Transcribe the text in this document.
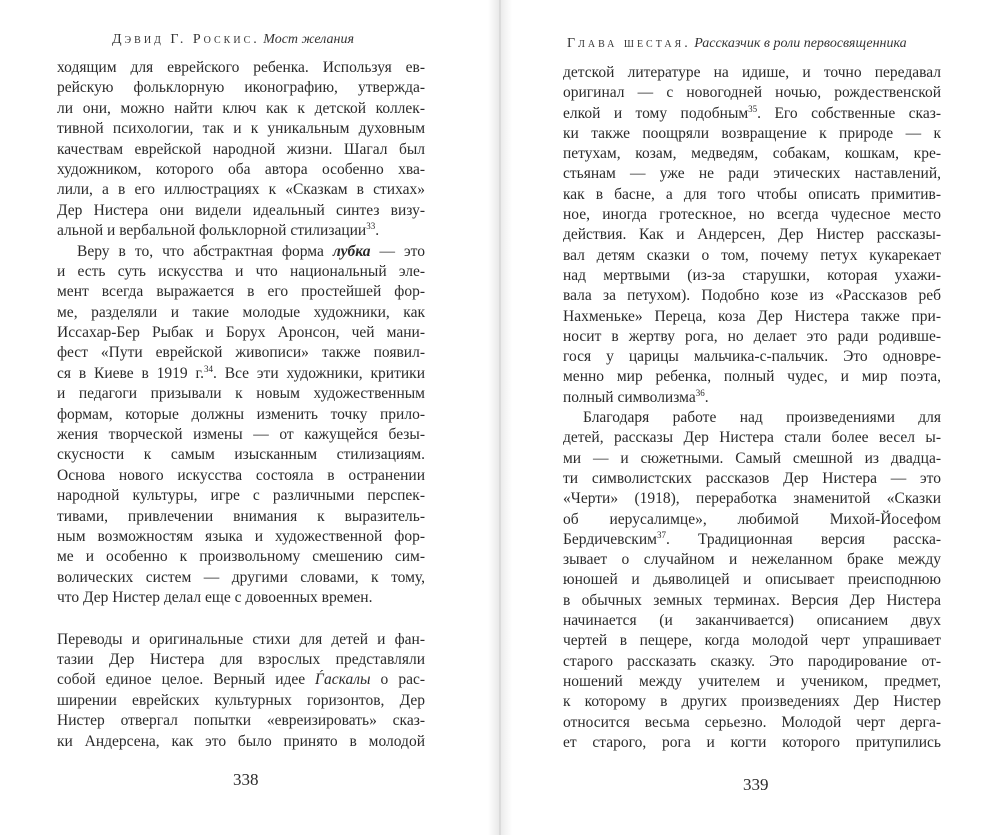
Дэвид Г. Роскис. Мост желания
ходящим для еврейского ребенка. Используя ев-
рейскую фольклорную иконографию, утвержда-
ли они, можно найти ключ как к детской коллек-
тивной психологии, так и к уникальным духовным
качествам еврейской народной жизни. Шагал был
художником, которого оба автора особенно хва-
лили, а в его иллюстрациях к «Сказкам в стихах»
Дер Нистера они видели идеальный синтез визу-
альной и вербальной фольклорной стилизации$^{33}$.
Веру в то, что абстрактная форма лубка — это
и есть суть искусства и что национальный эле-
мент всегда выражается в его простейшей фор-
ме, разделяли и такие молодые художники, как
Иссахар-Бер Рыбак и Борух Аронсон, чей мани-
фест «Пути еврейской живописи» также появил-
ся в Киеве в 1919 г.$^{34}$. Все эти художники, критики
и педагоги призывали к новым художественным
формам, которые должны изменить точку прило-
жения творческой измены — от кажущейся безы-
скусности к самым изысканным стилизациям.
Основа нового искусства состояла в остранении
народной культуры, игре с различными перспек-
тивами, привлечении внимания к выразитель-
ным возможностям языка и художественной фор-
ме и особенно к произвольному смешению сим-
волических систем — другими словами, к тому,
что Дер Нистер делал еще с довоенных времен.
Переводы и оригинальные стихи для детей и фан-
тазии Дер Нистера для взрослых представляли
собой единое целое. Верный идее Ѓаскалы о рас-
ширении еврейских культурных горизонтов, Дер
Нистер отвергал попытки «евреизировать» сказ-
ки Андерсена, как это было принято в молодой
338
Глава шестая. Рассказчик в роли первосвященника
детской литературе на идише, и точно передавал
оригинал — с новогодней ночью, рождественской
елкой и тому подобным$^{35}$. Его собственные сказ-
ки также поощряли возвращение к природе — к
петухам, козам, медведям, собакам, кошкам, кре-
стьянам — уже не ради этических наставлений,
как в басне, а для того чтобы описать примитив-
ное, иногда гротескное, но всегда чудесное место
действия. Как и Андерсен, Дер Нистер рассказы-
вал детям сказки о том, почему петух кукарекает
над мертвыми (из-за старушки, которая ухажи-
вала за петухом). Подобно козе из «Рассказов реб
Нахменьке» Переца, коза Дер Нистера также при-
носит в жертву рога, но делает это ради родивше-
гося у царицы мальчика-с-пальчик. Это одновре-
менно мир ребенка, полный чудес, и мир поэта,
полный символизма$^{36}$.
Благодаря работе над произведениями для
детей, рассказы Дер Нистера стали более весел ы-
ми — и сюжетными. Самый смешной из двадца-
ти символистских рассказов Дер Нистера — это
«Черти» (1918), переработка знаменитой «Сказки
об иерусалимце», любимой Михой-Йосефом
Бердичевским$^{37}$. Традиционная версия расска-
зывает о случайном и нежеланном браке между
юношей и дьяволицей и описывает преисподнюю
в обычных земных терминах. Версия Дер Нистера
начинается (и заканчивается) описанием двух
чертей в пещере, когда молодой черт упрашивает
старого рассказать сказку. Это пародирование от-
ношений между учителем и учеником, предмет,
к которому в других произведениях Дер Нистер
относится весьма серьезно. Молодой черт дерга-
ет старого, рога и когти которого притупились
339
